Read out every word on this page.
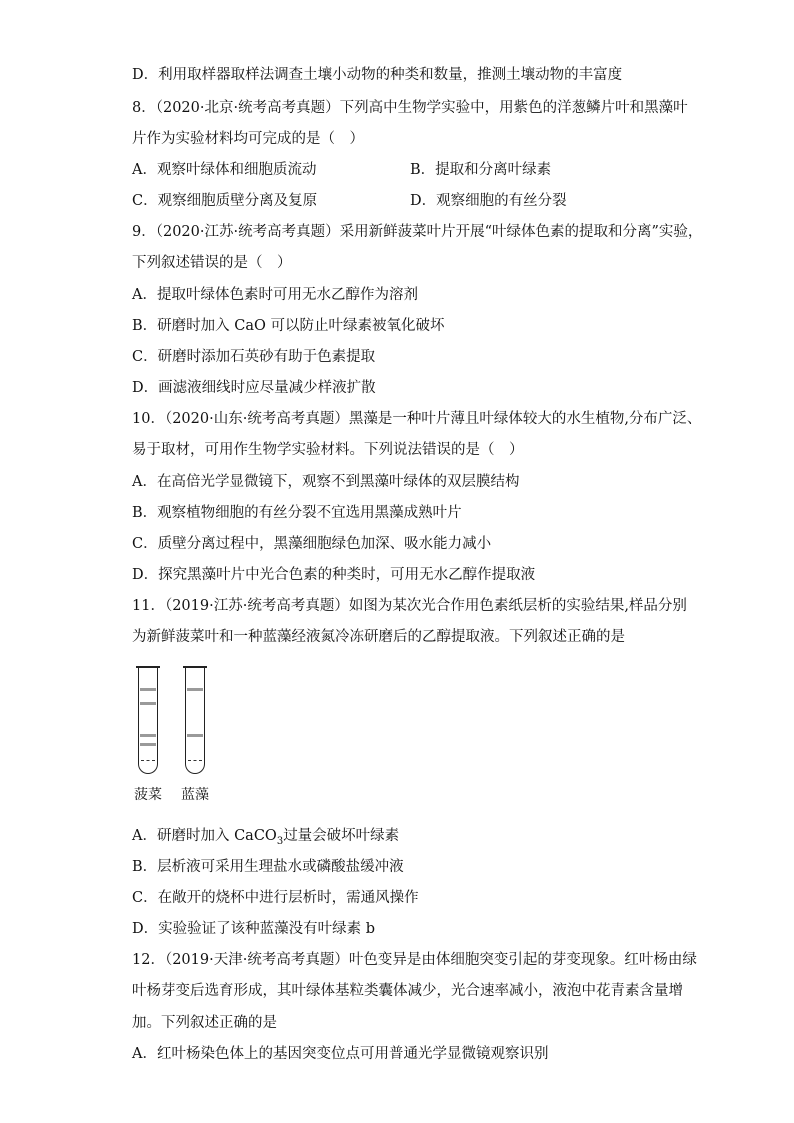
D．利用取样器取样法调查土壤小动物的种类和数量，推测土壤动物的丰富度
8．（2020·北京·统考高考真题）下列高中生物学实验中，用紫色的洋葱鳞片叶和黑藻叶
片作为实验材料均可完成的是（　）
A．观察叶绿体和细胞质流动	B．提取和分离叶绿素
C．观察细胞质壁分离及复原	D．观察细胞的有丝分裂
9．（2020·江苏·统考高考真题）采用新鲜菠菜叶片开展“叶绿体色素的提取和分离”实验，
下列叙述错误的是（　）
A．提取叶绿体色素时可用无水乙醇作为溶剂
B．研磨时加入 CaO 可以防止叶绿素被氧化破坏
C．研磨时添加石英砂有助于色素提取
D．画滤液细线时应尽量减少样液扩散
10．（2020·山东·统考高考真题）黑藻是一种叶片薄且叶绿体较大的水生植物,分布广泛、
易于取材，可用作生物学实验材料。下列说法错误的是（　）
A．在高倍光学显微镜下，观察不到黑藻叶绿体的双层膜结构
B．观察植物细胞的有丝分裂不宜选用黑藻成熟叶片
C．质壁分离过程中，黑藻细胞绿色加深、吸水能力减小
D．探究黑藻叶片中光合色素的种类时，可用无水乙醇作提取液
11．（2019·江苏·统考高考真题）如图为某次光合作用色素纸层析的实验结果,样品分别
为新鲜菠菜叶和一种蓝藻经液氮冷冻研磨后的乙醇提取液。下列叙述正确的是
菠菜 蓝藻
A．研磨时加入 CaCO$_3$过量会破坏叶绿素
B．层析液可采用生理盐水或磷酸盐缓冲液
C．在敞开的烧杯中进行层析时，需通风操作
D．实验验证了该种蓝藻没有叶绿素 b
12．（2019·天津·统考高考真题）叶色变异是由体细胞突变引起的芽变现象。红叶杨由绿
叶杨芽变后选育形成，其叶绿体基粒类囊体减少，光合速率减小，液泡中花青素含量增
加。下列叙述正确的是
A．红叶杨染色体上的基因突变位点可用普通光学显微镜观察识别
